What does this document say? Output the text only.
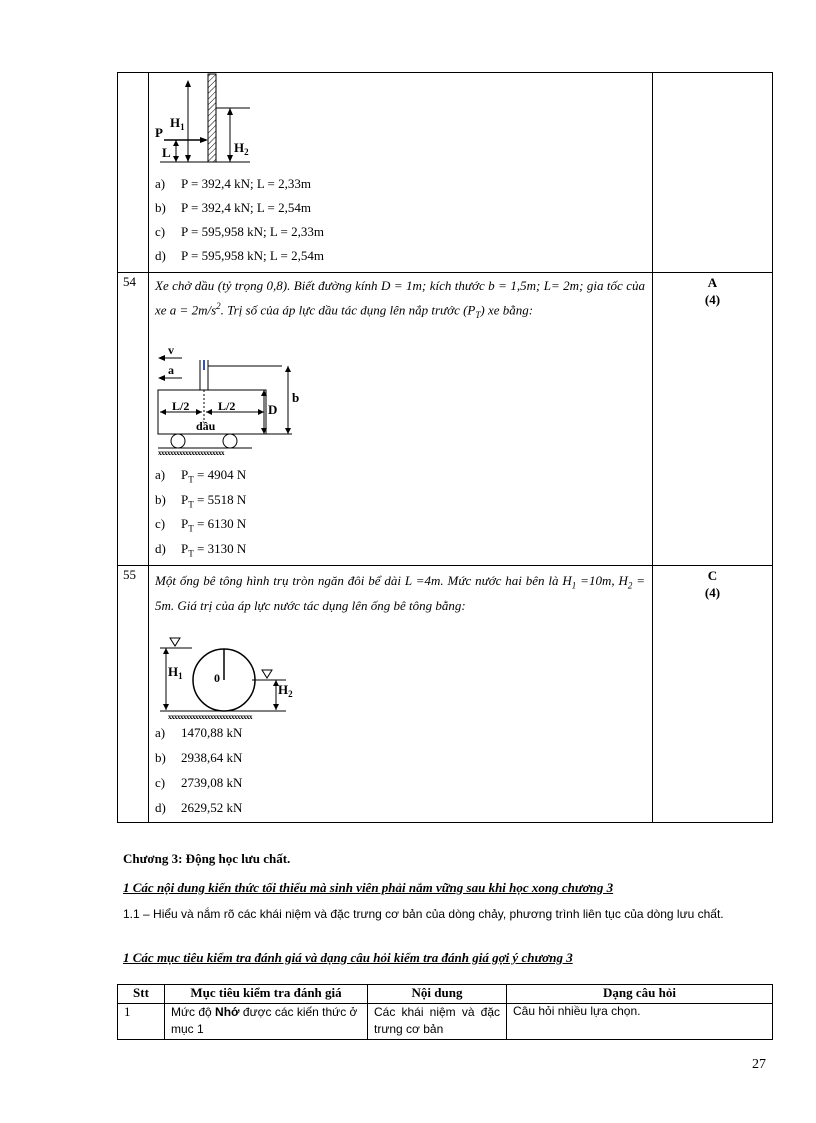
$H_1$
$H_2$
P
L
a) P = 392,4 kN; L = 2,33m
b) P = 392,4 kN; L = 2,54m
c) P = 595,958 kN; L = 2,33m
d) P = 595,958 kN; L = 2,54m
54 Xe chở dầu (tỷ trọng 0,8). Biết đường kính D = 1m; kích thước b = 1,5m; L= 2m; gia tốc của xe $a = 2m/s^2$. Trị số của áp lực dầu tác dụng lên nắp trước $(P_T)$ xe bằng:
A
(4)
v
a
L/2 L/2
dầu
D
b
xxxxxxxxxxxxxxxxxxxxxx
a) $P_T = 4904$ N
b) $P_T = 5518$ N
c) $P_T = 6130$ N
d) $P_T = 3130$ N
55 Một ống bê tông hình trụ tròn ngăn đôi bể dài L =4m. Mức nước hai bên là $H_1 =10m$, $H_2 = 5m$. Giá trị của áp lực nước tác dụng lên ống bê tông bằng:
C
(4)
$H_1$	0
$H_2$
xxxxxxxxxxxxxxxxxxxxxxxxxxxx
a) 1470,88 kN
b) 2938,64 kN
c) 2739,08 kN
d) 2629,52 kN
Chương 3: Động học lưu chất.
1 Các nội dung kiến thức tối thiểu mà sinh viên phải nắm vững sau khi học xong chương 3
1.1 – Hiểu và nắm rõ các khái niệm và đặc trưng cơ bản của dòng chảy, phương trình liên tục của dòng lưu chất.
1 Các mục tiêu kiểm tra đánh giá và dạng câu hỏi kiểm tra đánh giá gợi ý chương 3
Stt	Mục tiêu kiểm tra đánh giá	Nội dung	Dạng câu hỏi
1	Mức độ Nhớ được các kiến thức ở mục 1	Các khái niệm và đặc trưng cơ bản	Câu hỏi nhiều lựa chọn.
27
